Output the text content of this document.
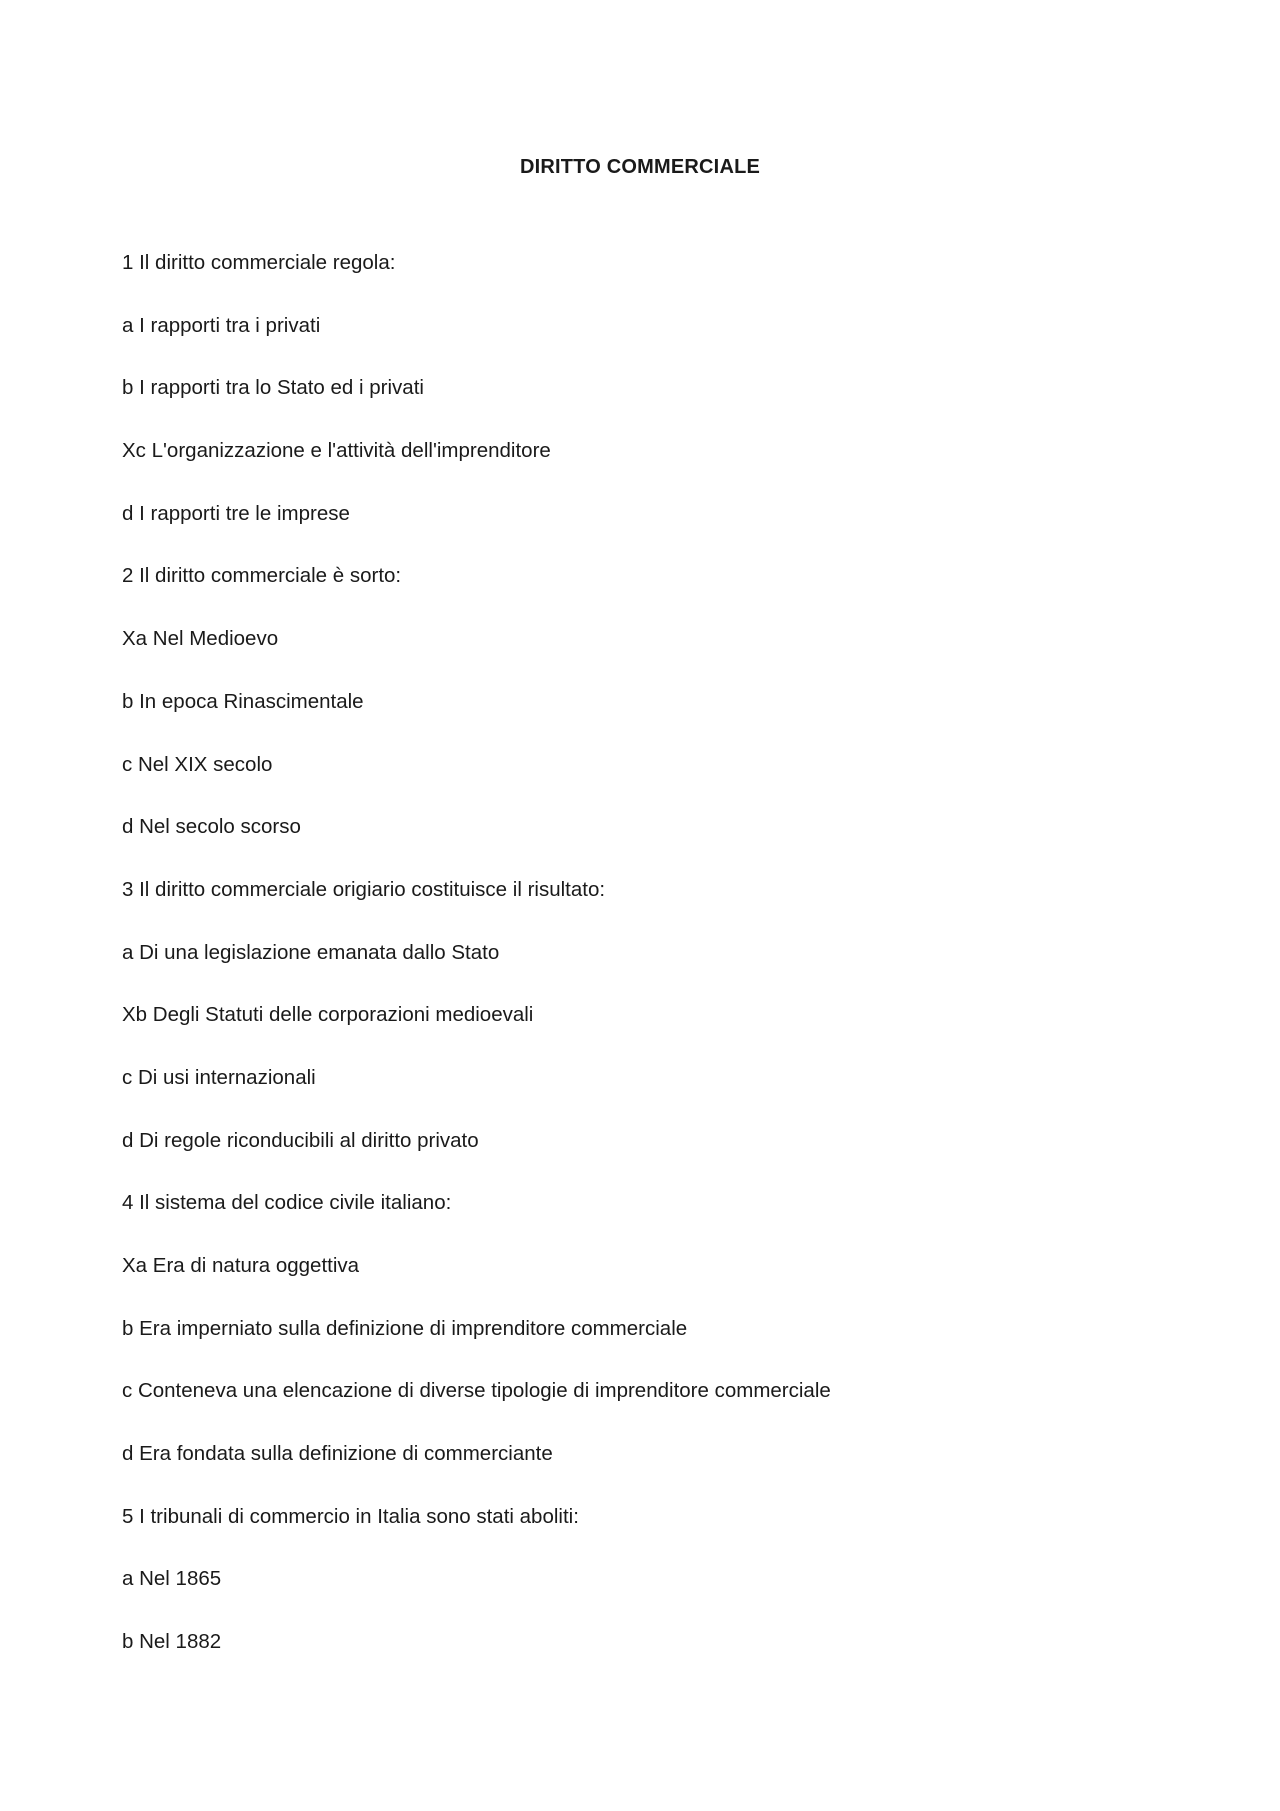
DIRITTO COMMERCIALE
1 Il diritto commerciale regola:
a I rapporti tra i privati
b I rapporti tra lo Stato ed i privati
Xc L'organizzazione e l'attività dell'imprenditore
d I rapporti tre le imprese
2 Il diritto commerciale è sorto:
Xa Nel Medioevo
b In epoca Rinascimentale
c Nel XIX secolo
d Nel secolo scorso
3 Il diritto commerciale origiario costituisce il risultato:
a Di una legislazione emanata dallo Stato
Xb Degli Statuti delle corporazioni medioevali
c Di usi internazionali
d Di regole riconducibili al diritto privato
4 Il sistema del codice civile italiano:
Xa Era di natura oggettiva
b Era imperniato sulla definizione di imprenditore commerciale
c Conteneva una elencazione di diverse tipologie di imprenditore commerciale
d Era fondata sulla definizione di commerciante
5 I tribunali di commercio in Italia sono stati aboliti:
a Nel 1865
b Nel 1882
